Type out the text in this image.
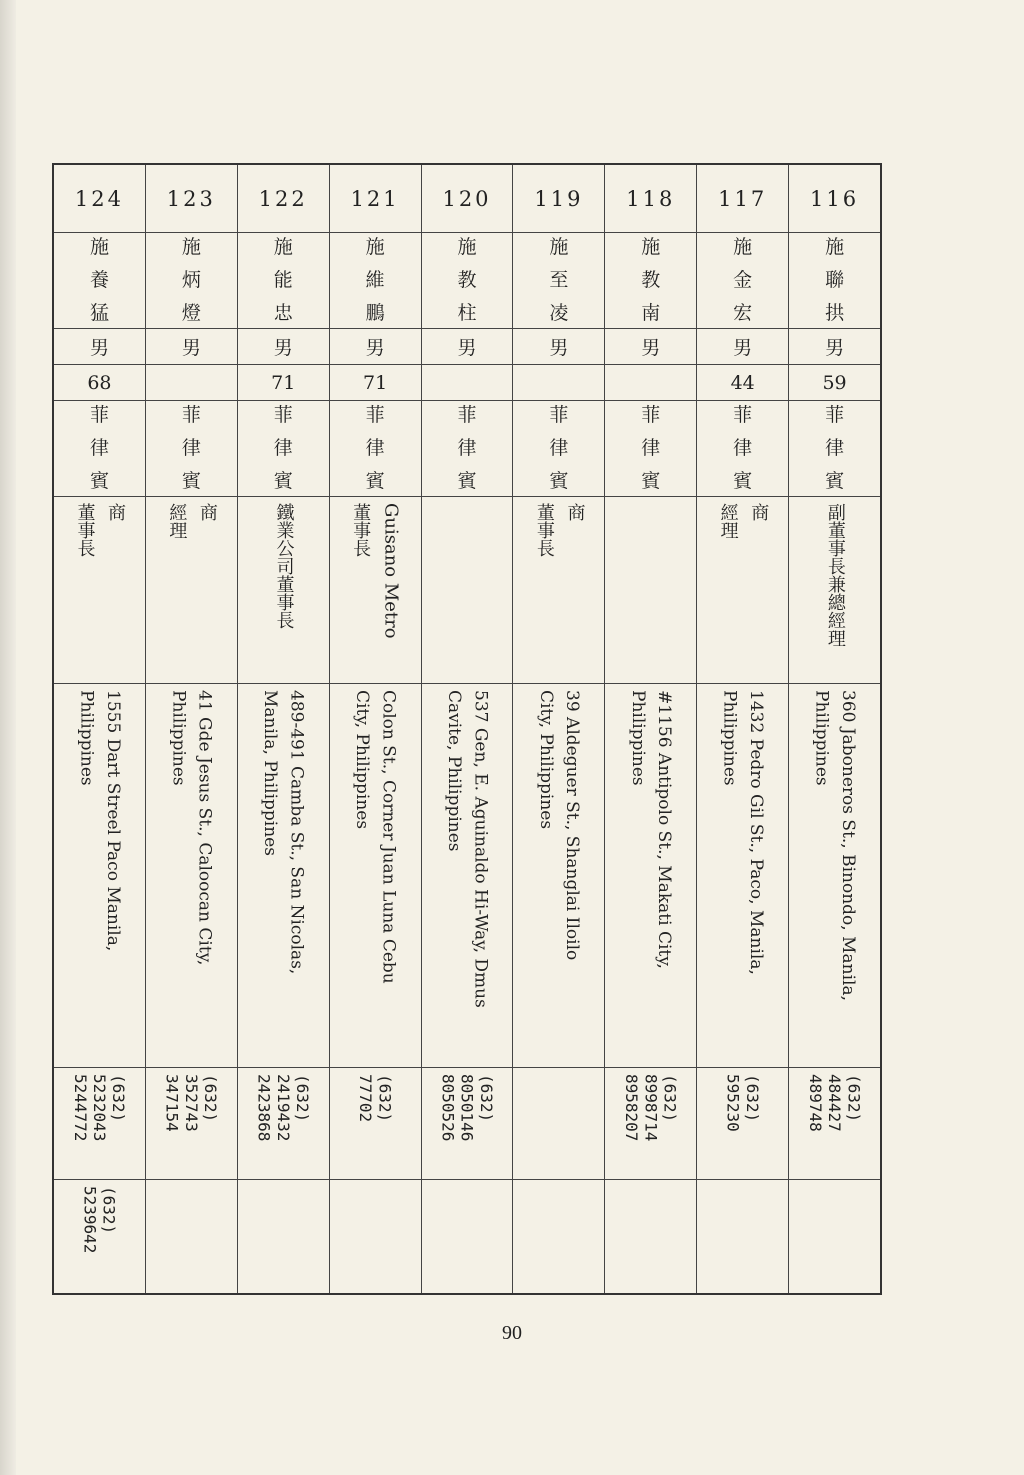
124
施
養
猛
男
68
菲
律
賓
商
董事長
1555 Dart Streel Paco Manila,
Philippines
(632)
5232043
5244772
(632)
5239642
123
施
炳
燈
男
菲
律
賓
商
經理
41 Gde Jesus St., Caloocan City,
Philippines
(632)
352743
347154
122
施
能
忠
男
71
菲
律
賓
鐵業公司董事長
489-491 Camba St., San Nicolas,
Manila, Philippines
(632)
2419432
2423868
121
施
維
鵬
男
71
菲
律
賓
Guisano Metro
董事長
Colon St., Corner Juan Luna Cebu
City, Philippines
(632)
77702
120
施
教
柱
男
菲
律
賓
537 Gen, E. Aguinaldo Hi-Way, Dmus
Cavite, Philippines
(632)
8050146
8050526
119
施
至
凌
男
菲
律
賓
商
董事長
39 Aldeguer St., Shanglai Iloilo
City, Philippines
118
施
教
南
男
菲
律
賓
#1156 Antipolo St., Makati City,
Philippines
(632)
8998714
8958207
117
施
金
宏
男
44
菲
律
賓
商
經理
1432 Pedro Gil St., Paco, Manila,
Philippines
(632)
595230
116
施
聯
拱
男
59
菲
律
賓
副董事長兼總經理
360 Jaboneros St., Binondo, Manila,
Philippines
(632)
484427
489748
90
